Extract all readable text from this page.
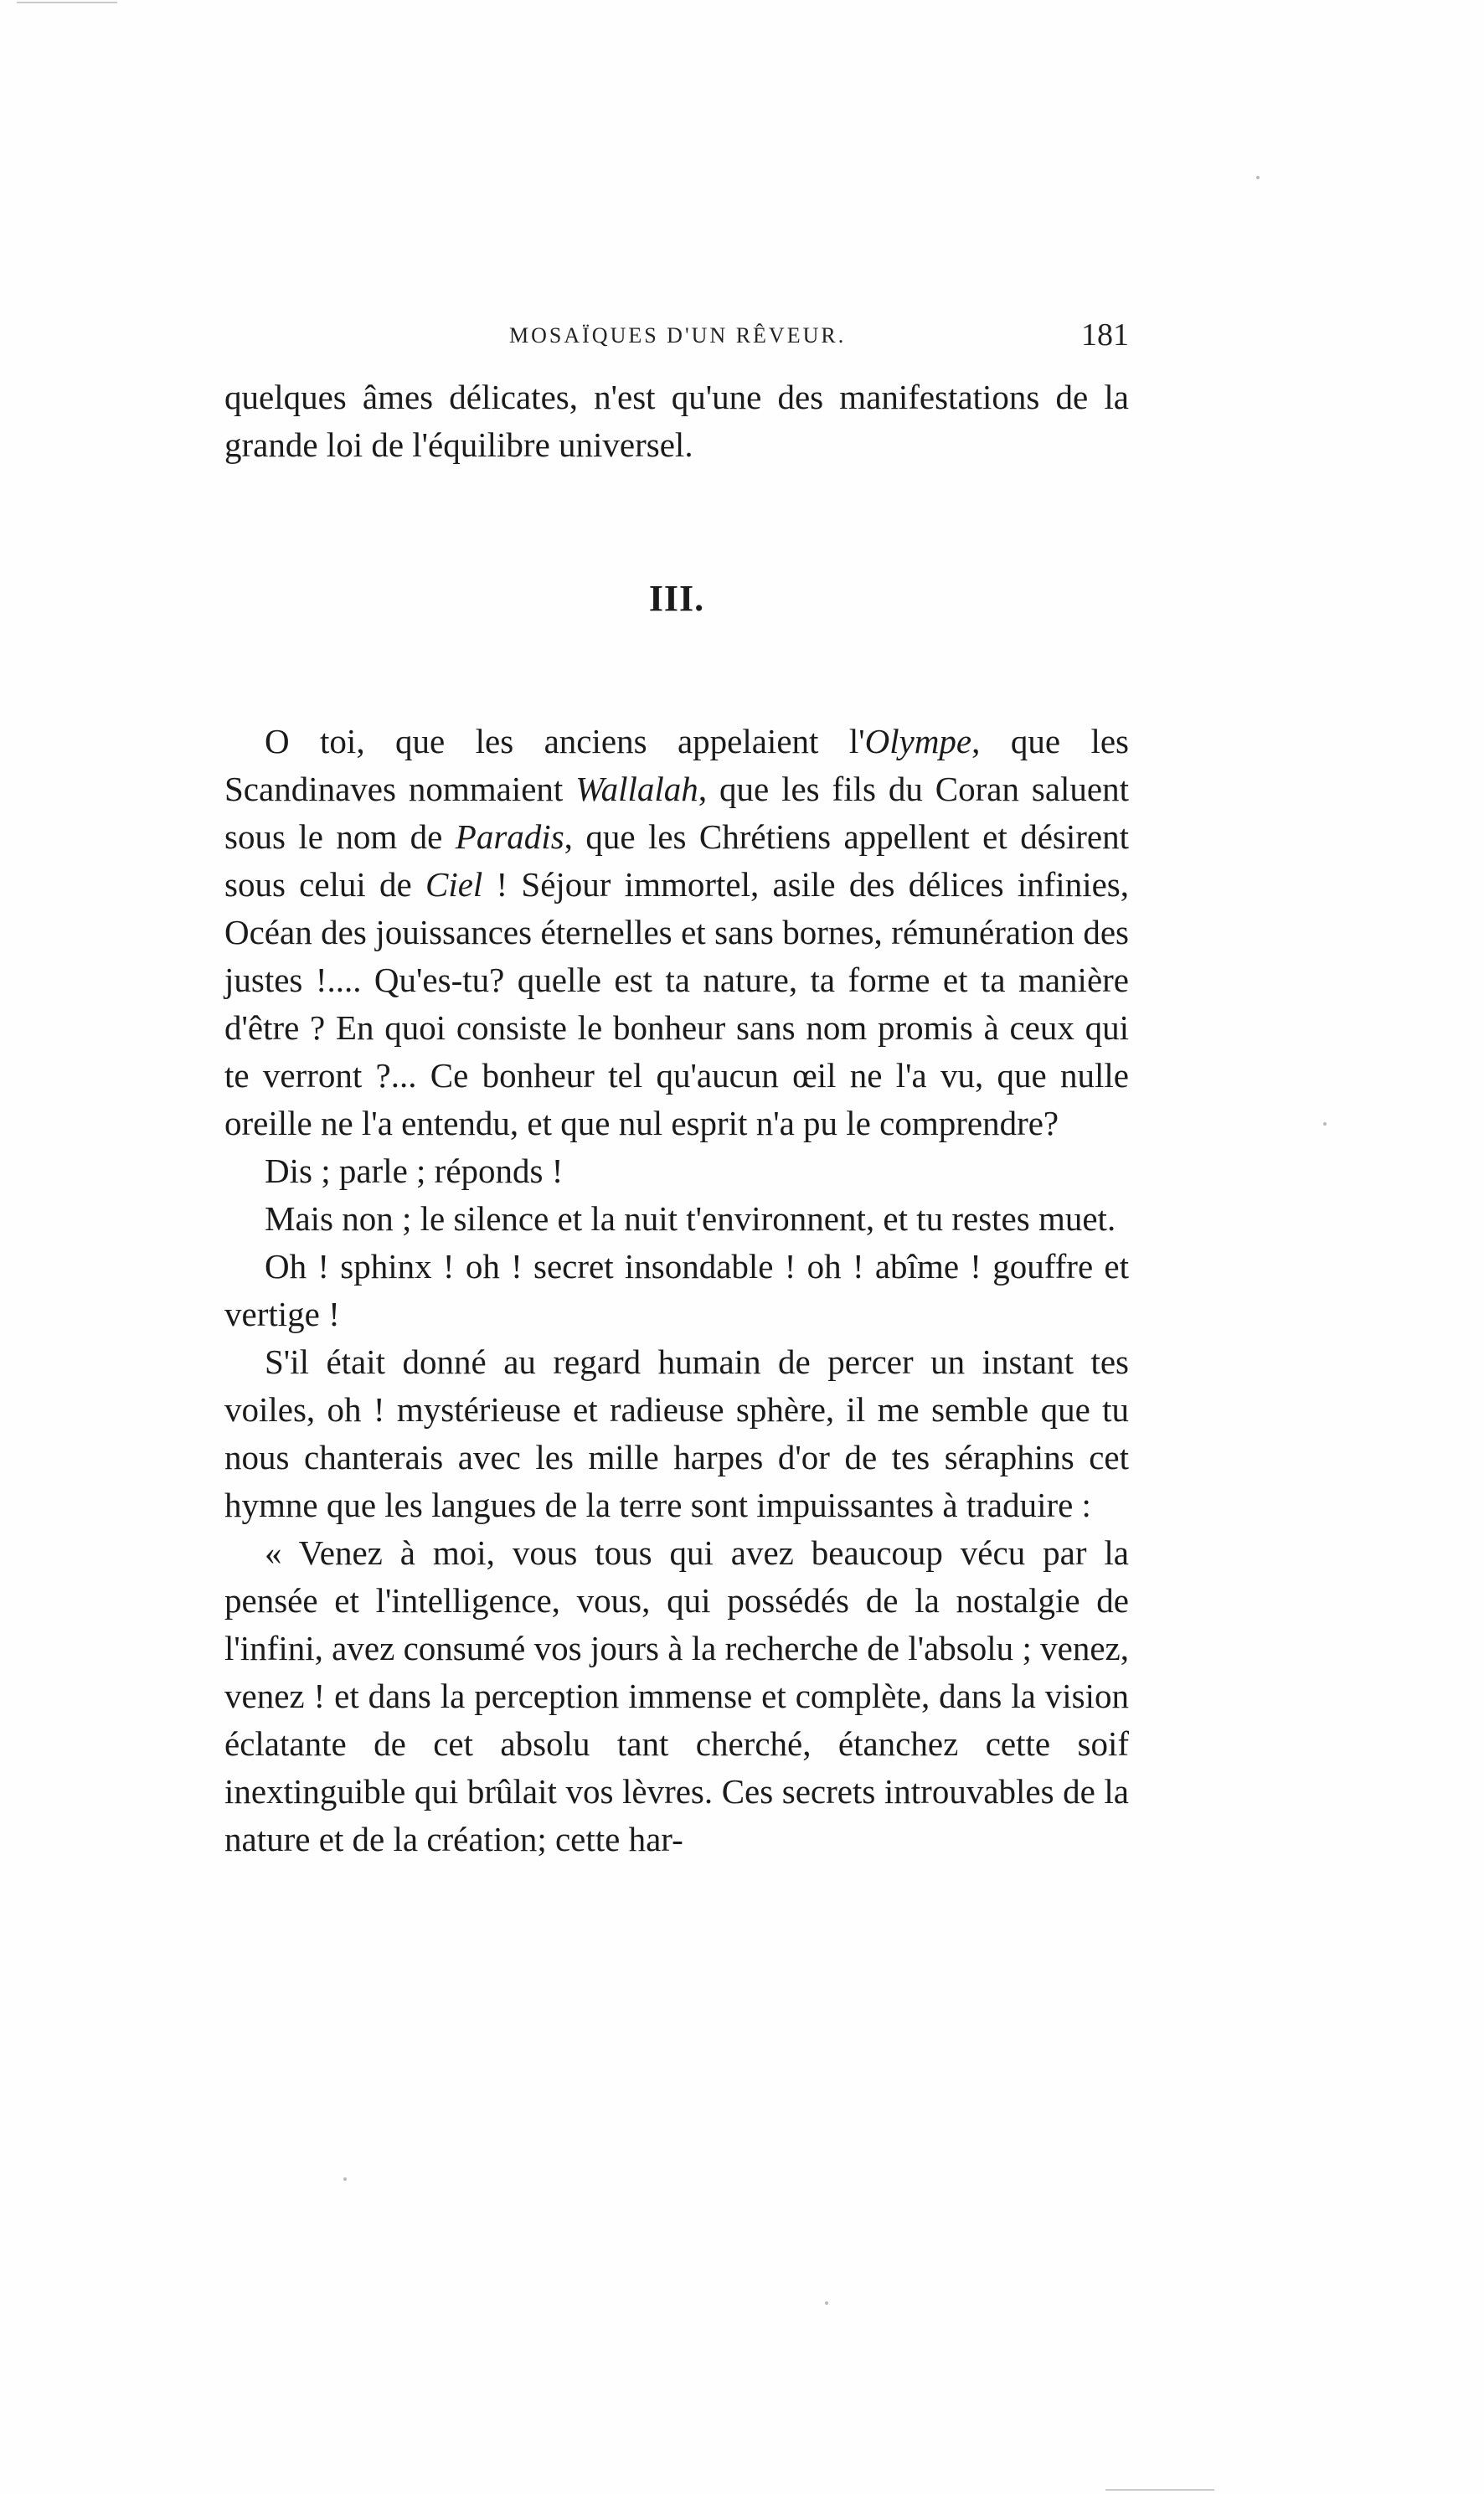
MOSAÏQUES D'UN RÊVEUR.	181

quelques âmes délicates, n'est qu'une des manifestations de la grande loi de l'équilibre universel.

III.

O toi, que les anciens appelaient l'Olympe, que les Scandinaves nommaient Wallalah, que les fils du Coran saluent sous le nom de Paradis, que les Chrétiens appellent et désirent sous celui de Ciel ! Séjour immortel, asile des délices infinies, Océan des jouissances éternelles et sans bornes, rémunération des justes !.... Qu'es-tu? quelle est ta nature, ta forme et ta manière d'être ? En quoi consiste le bonheur sans nom promis à ceux qui te verront ?... Ce bonheur tel qu'aucun œil ne l'a vu, que nulle oreille ne l'a entendu, et que nul esprit n'a pu le comprendre?

Dis ; parle ; réponds !

Mais non ; le silence et la nuit t'environnent, et tu restes muet.

Oh ! sphinx ! oh ! secret insondable ! oh ! abîme ! gouffre et vertige !

S'il était donné au regard humain de percer un instant tes voiles, oh ! mystérieuse et radieuse sphère, il me semble que tu nous chanterais avec les mille harpes d'or de tes séraphins cet hymne que les langues de la terre sont impuissantes à traduire :

« Venez à moi, vous tous qui avez beaucoup vécu par la pensée et l'intelligence, vous, qui possédés de la nostalgie de l'infini, avez consumé vos jours à la recherche de l'absolu ; venez, venez ! et dans la perception immense et complète, dans la vision éclatante de cet absolu tant cherché, étanchez cette soif inextinguible qui brûlait vos lèvres. Ces secrets introuvables de la nature et de la création; cette har-
